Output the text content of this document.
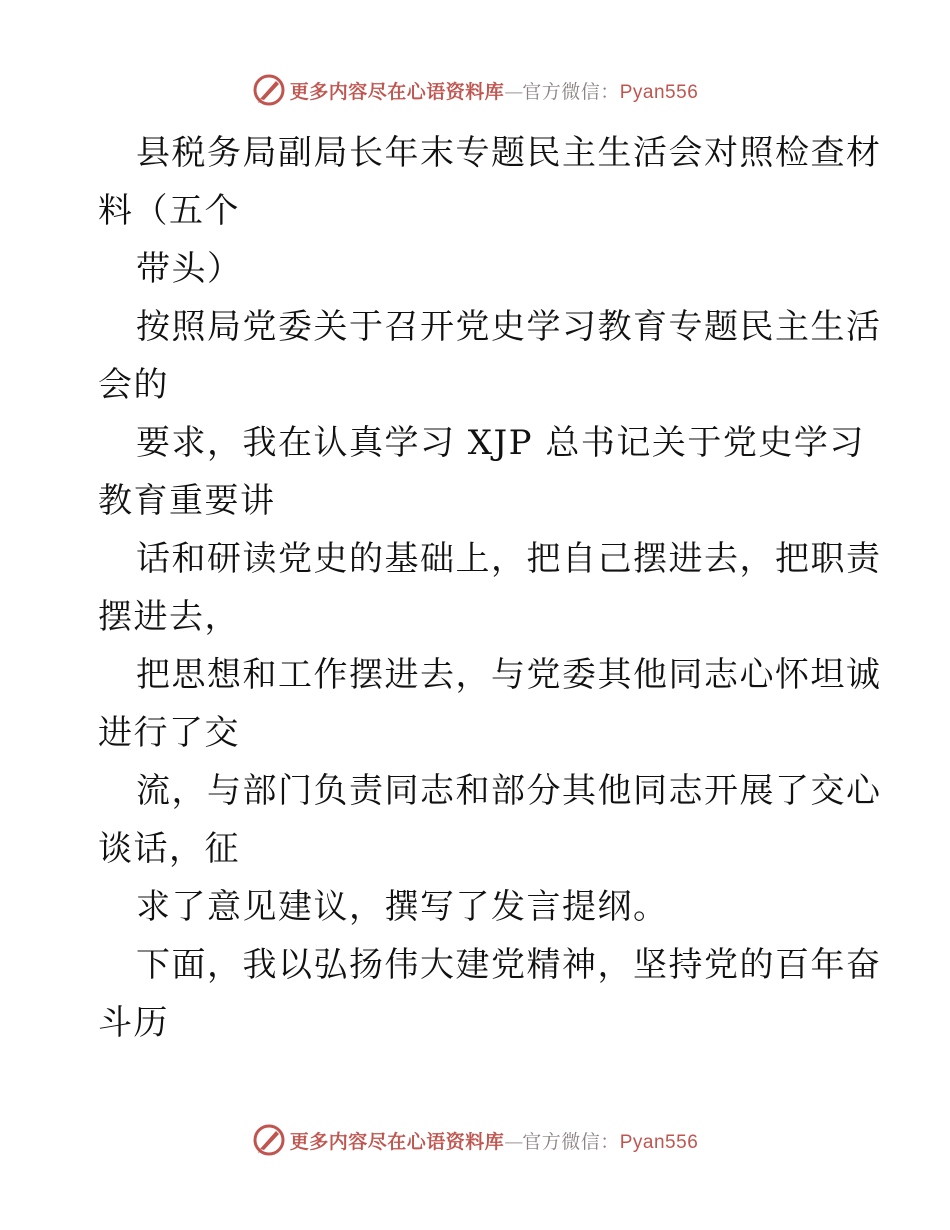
更多内容尽在心语资料库—官方微信：Pyan556
县税务局副局长年末专题民主生活会对照检查材
料（五个
带头）
按照局党委关于召开党史学习教育专题民主生活
会的
要求，我在认真学习 XJP 总书记关于党史学习
教育重要讲
话和研读党史的基础上，把自己摆进去，把职责
摆进去，
把思想和工作摆进去，与党委其他同志心怀坦诚
进行了交
流，与部门负责同志和部分其他同志开展了交心
谈话，征
求了意见建议，撰写了发言提纲。
下面，我以弘扬伟大建党精神，坚持党的百年奋
斗历
更多内容尽在心语资料库—官方微信：Pyan556
